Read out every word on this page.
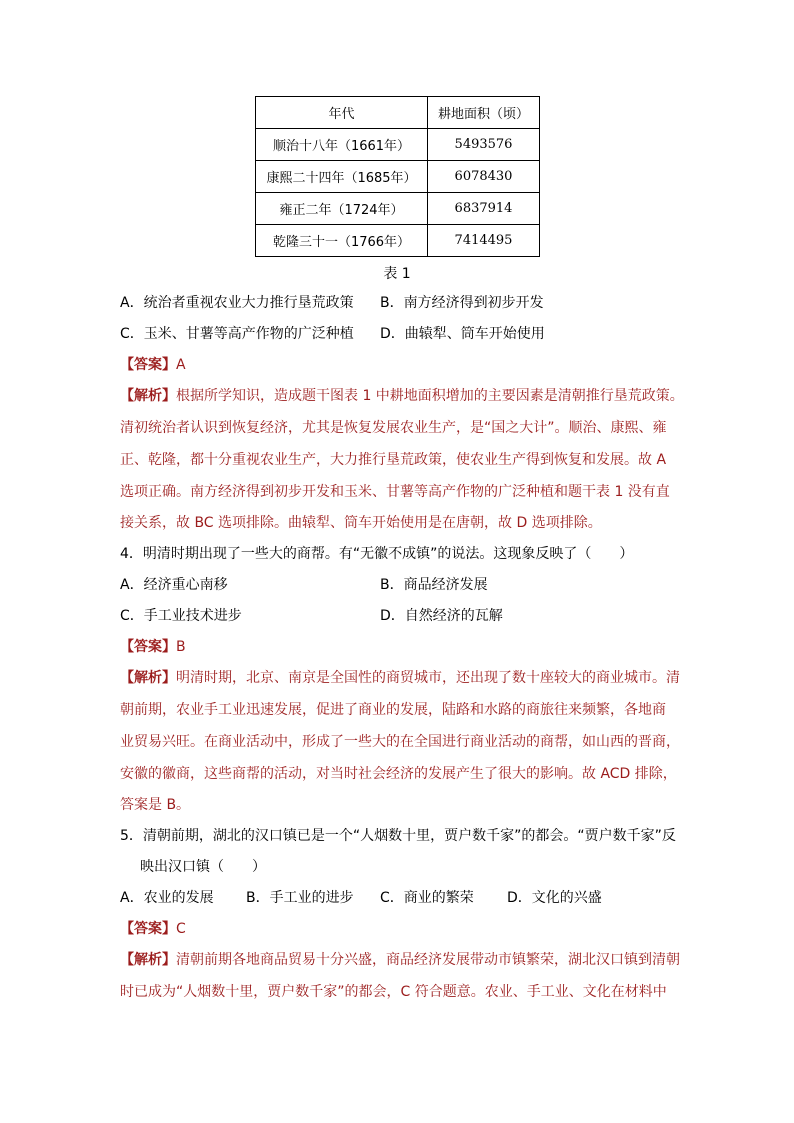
年代	耕地面积（顷）
顺治十八年（1661年）	5493576
康熙二十四年（1685年）	6078430
雍正二年（1724年）	6837914
乾隆三十一（1766年）	7414495
表 1
A．统治者重视农业大力推行垦荒政策 B．南方经济得到初步开发
C．玉米、甘薯等高产作物的广泛种植 D．曲辕犁、筒车开始使用
【答案】A
【解析】根据所学知识，造成题干图表 1 中耕地面积增加的主要因素是清朝推行垦荒政策。
清初统治者认识到恢复经济，尤其是恢复发展农业生产，是“国之大计”。顺治、康熙、雍
正、乾隆，都十分重视农业生产，大力推行垦荒政策，使农业生产得到恢复和发展。故 A
选项正确。南方经济得到初步开发和玉米、甘薯等高产作物的广泛种植和题干表 1 没有直
接关系，故 BC 选项排除。曲辕犁、筒车开始使用是在唐朝，故 D 选项排除。
4．明清时期出现了一些大的商帮。有“无徽不成镇”的说法。这现象反映了（　　）
A．经济重心南移	B．商品经济发展
C．手工业技术进步	D．自然经济的瓦解
【答案】B
【解析】明清时期，北京、南京是全国性的商贸城市，还出现了数十座较大的商业城市。清
朝前期，农业手工业迅速发展，促进了商业的发展，陆路和水路的商旅往来频繁，各地商
业贸易兴旺。在商业活动中，形成了一些大的在全国进行商业活动的商帮，如山西的晋商，
安徽的徽商，这些商帮的活动，对当时社会经济的发展产生了很大的影响。故 ACD 排除，
答案是 B。
5．清朝前期，湖北的汉口镇已是一个“人烟数十里，贾户数千家”的都会。“贾户数千家”反
映出汉口镇（　　）
A．农业的发展 B．手工业的进步 C．商业的繁荣 D．文化的兴盛
【答案】C
【解析】清朝前期各地商品贸易十分兴盛，商品经济发展带动市镇繁荣，湖北汉口镇到清朝
时已成为“人烟数十里，贾户数千家”的都会，C 符合题意。农业、手工业、文化在材料中
